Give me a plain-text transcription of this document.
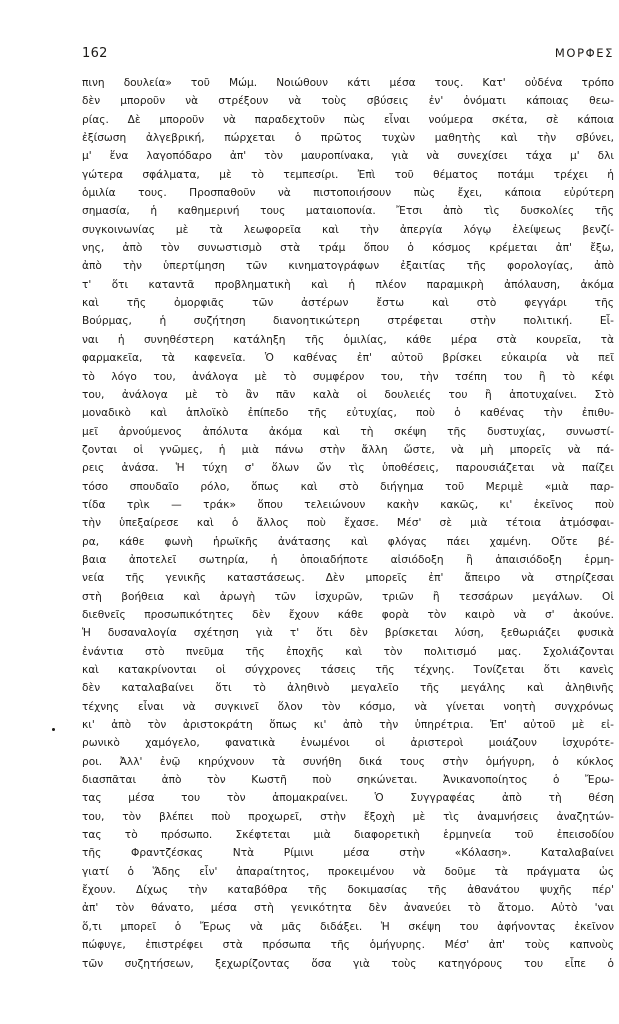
162	ΜΟΡΦΕΣ
πινη δουλεία» τοῦ Μώμ. Νοιώθουν κάτι μέσα τους. Κατ' οὐδένα τρόπο
δὲν μποροῦν νὰ στρέξουν νὰ τοὺς σβύσεις ἐν' ὀνόματι κάποιας θεω-
ρίας. Δὲ μποροῦν νὰ παραδεχτοῦν πὼς εἶναι νούμερα σκέτα, σὲ κάποια
ἐξίσωση ἀλγεβρική, πώρχεται ὁ πρῶτος τυχὼν μαθητὴς καὶ τὴν σβύνει,
μ' ἕνα λαγοπόδαρο ἀπ' τὸν μαυροπίνακα, γιὰ νὰ συνεχίσει τάχα μ' δλι
γώτερα σφάλματα, μὲ τὸ τεμπεσίρι. Ἐπὶ τοῦ θέματος ποτάμι τρέχει ἡ
ὁμιλία τους. Προσπαθοῦν νὰ πιστοποιήσουν πὼς ἔχει, κάποια εὐρύτερη
σημασία, ἡ καθημερινή τους ματαιοπονία. Ἔτσι ἀπὸ τὶς δυσκολίες τῆς
συγκοινωνίας μὲ τὰ λεωφορεῖα καὶ τὴν ἀπεργία λόγῳ ἐλείψεως βενζί-
νης, ἀπὸ τὸν συνωστισμὸ στὰ τράμ ὅπου ὁ κόσμος κρέμεται ἀπ' ἔξω,
ἀπὸ τὴν ὑπερτίμηση τῶν κινηματογράφων ἐξαιτίας τῆς φορολογίας, ἀπὸ
τ' ὅτι καταντᾶ προβληματικὴ καὶ ἡ πλέον παραμικρὴ ἀπόλαυση, ἀκόμα
καὶ τῆς ὀμορφιᾶς τῶν ἀστέρων ἔστω καὶ στὸ φεγγάρι τῆς
Βούρμας, ἡ συζήτηση διανοητικώτερη στρέφεται στὴν πολιτική. Εἶ-
ναι ἡ συνηθέστερη κατάληξη τῆς ὁμιλίας, κάθε μέρα στὰ κουρεῖα, τὰ
φαρμακεῖα, τὰ καφενεῖα. Ὁ καθένας ἐπ' αὐτοῦ βρίσκει εὐκαιρία νὰ πεῖ
τὸ λόγο του, ἀνάλογα μὲ τὸ συμφέρον του, τὴν τσέπη του ἢ τὸ κέφι
του, ἀνάλογα μὲ τὸ ἂν πᾶν καλὰ οἱ δουλειές του ἢ ἀποτυχαίνει. Στὸ
μοναδικὸ καὶ ἁπλοϊκὸ ἐπίπεδο τῆς εὐτυχίας, ποὺ ὁ καθένας τὴν ἐπιθυ-
μεῖ ἀρνούμενος ἀπόλυτα ἀκόμα καὶ τὴ σκέψη τῆς δυστυχίας, συνωστί-
ζονται οἱ γνῶμες, ἡ μιὰ πάνω στὴν ἄλλη ὥστε, νὰ μὴ μπορεῖς νὰ πά-
ρεις ἀνάσα. Ἡ τύχη σ' ὅλων ὤν τὶς ὑποθέσεις, παρουσιάζεται νὰ παίζει
τόσο σπουδαῖο ρόλο, ὅπως καὶ στὸ διήγημα τοῦ Μεριμὲ «μιὰ παρ-
τίδα τρὶκ — τράκ» ὅπου τελειώνουν κακὴν κακῶς, κι' ἐκεῖνος ποὺ
τὴν ὑπεξαίρεσε καὶ ὁ ἄλλος ποὺ ἔχασε. Μέσ' σὲ μιὰ τέτοια ἀτμόσφαι-
ρα, κάθε φωνὴ ἡρωϊκῆς ἀνάτασης καὶ φλόγας πάει χαμένη. Οὔτε βέ-
βαια ἀποτελεῖ σωτηρία, ἡ ὁποιαδήποτε αἰσιόδοξη ἢ ἀπαισιόδοξη ἑρμη-
νεία τῆς γενικῆς καταστάσεως. Δὲν μπορεῖς ἐπ' ἄπειρο νὰ στηρίζεσαι
στὴ βοήθεια καὶ ἀρωγὴ τῶν ἰσχυρῶν, τριῶν ἢ τεσσάρων μεγάλων. Οἱ
διεθνεῖς προσωπικότητες δὲν ἔχουν κάθε φορὰ τὸν καιρὸ νὰ σ' ἀκούνε.
Ἡ δυσαναλογία σχέτηση γιὰ τ' ὅτι δὲν βρίσκεται λύση, ξεθωριάζει φυσικὰ
ἐνάντια στὸ πνεῦμα τῆς ἐποχῆς καὶ τὸν πολιτισμό μας. Σχολιάζονται
καὶ κατακρίνονται οἱ σύγχρονες τάσεις τῆς τέχνης. Τονίζεται ὅτι κανεὶς
δὲν καταλαβαίνει ὅτι τὸ ἀληθινὸ μεγαλεῖο τῆς μεγάλης καὶ ἀληθινῆς
τέχνης εἶναι νὰ συγκινεῖ ὅλον τὸν κόσμο, νὰ γίνεται νοητὴ συγχρόνως
κι' ἀπὸ τὸν ἀριστοκράτη ὅπως κι' ἀπὸ τὴν ὑπηρέτρια. Ἐπ' αὐτοῦ μὲ εἰ-
ρωνικὸ χαμόγελο, φανατικὰ ἑνωμένοι οἱ ἀριστεροὶ μοιάζουν ἰσχυρότε-
ροι. Ἀλλ' ἐνῷ κηρύχνουν τὰ συνήθη δικά τους στὴν ὁμήγυρη, ὁ κύκλος
διασπᾶται ἀπὸ τὸν Κωστῆ ποὺ σηκώνεται. Ἀνικανοποίητος ὁ Ἔρω-
τας μέσα του τὸν ἀπομακραίνει. Ὁ Συγγραφέας ἀπὸ τὴ θέση
του, τὸν βλέπει ποὺ προχωρεῖ, στὴν ἔξοχὴ μὲ τὶς ἀναμνήσεις ἀναζητών-
τας τὸ πρόσωπο. Σκέφτεται μιὰ διαφορετικὴ ἑρμηνεία τοῦ ἐπεισοδίου
τῆς Φραντζέσκας Ντὰ Ρίμινι μέσα στὴν «Κόλαση». Καταλαβαίνει
γιατί ὁ Ἅδης εἶν' ἀπαραίτητος, προκειμένου νὰ δοῦμε τὰ πράγματα ὡς
ἔχουν. Δίχως τὴν καταβόθρα τῆς δοκιμασίας τῆς ἀθανάτου ψυχῆς πέρ'
ἀπ' τὸν θάνατο, μέσα στὴ γενικότητα δὲν ἀνανεύει τὸ ἄτομο. Αὐτὸ 'ναι
ὅ,τι μπορεῖ ὁ Ἔρως νὰ μᾶς διδάξει. Ἡ σκέψη του ἀφήνοντας ἐκεῖνον
πώφυγε, ἐπιστρέφει στὰ πρόσωπα τῆς ὁμήγυρης. Μέσ' ἀπ' τοὺς καπνοὺς
τῶν συζητήσεων, ξεχωρίζοντας ὅσα γιὰ τοὺς κατηγόρους του εἶπε ὁ
